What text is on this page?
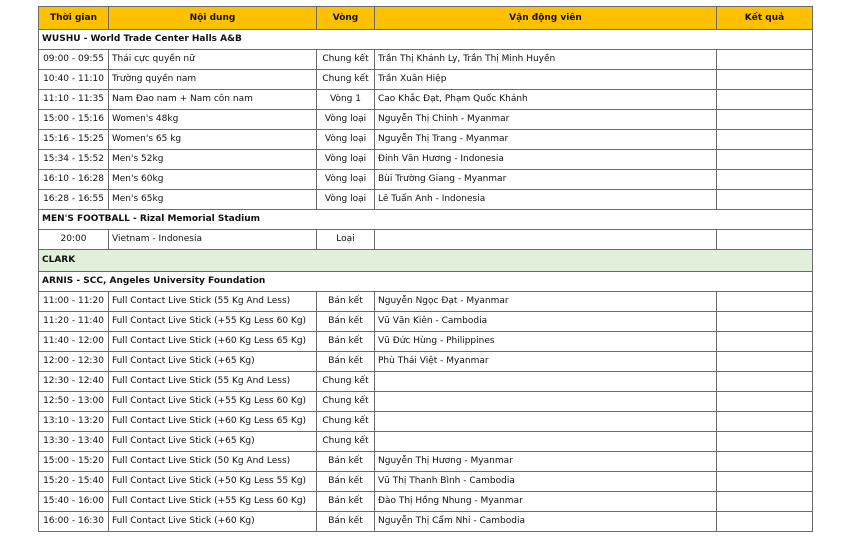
Thời gian	Nội dung	Vòng	Vận động viên	Kết quả
WUSHU - World Trade Center Halls A&B				
09:00 - 09:55	Thái cực quyền nữ	Chung kết	Trần Thị Khánh Ly, Trần Thị Minh Huyền	
10:40 - 11:10	Trường quyền nam	Chung kết	Trần Xuân Hiệp	
11:10 - 11:35	Nam Đao nam + Nam côn nam	Vòng 1	Cao Khắc Đạt, Phạm Quốc Khánh	
15:00 - 15:16	Women's 48kg	Vòng loại	Nguyễn Thị Chinh - Myanmar	
15:16 - 15:25	Women's 65 kg	Vòng loại	Nguyễn Thị Trang - Myanmar	
15:34 - 15:52	Men's 52kg	Vòng loại	Đinh Văn Hương - Indonesia	
16:10 - 16:28	Men's 60kg	Vòng loại	Bùi Trường Giang - Myanmar	
16:28 - 16:55	Men's 65kg	Vòng loại	Lê Tuấn Anh - Indonesia	
MEN'S FOOTBALL - Rizal Memorial Stadium				
20:00	Vietnam - Indonesia	Loại		
CLARK				
ARNIS - SCC, Angeles University Foundation				
11:00 - 11:20	Full Contact Live Stick (55 Kg And Less)	Bán kết	Nguyễn Ngọc Đạt - Myanmar	
11:20 - 11:40	Full Contact Live Stick (+55 Kg Less 60 Kg)	Bán kết	Vũ Văn Kiên - Cambodia	
11:40 - 12:00	Full Contact Live Stick (+60 Kg Less 65 Kg)	Bán kết	Vũ Đức Hùng - Philippines	
12:00 - 12:30	Full Contact Live Stick (+65 Kg)	Bán kết	Phù Thái Việt - Myanmar	
12:30 - 12:40	Full Contact Live Stick (55 Kg And Less)	Chung kết		
12:50 - 13:00	Full Contact Live Stick (+55 Kg Less 60 Kg)	Chung kết		
13:10 - 13:20	Full Contact Live Stick (+60 Kg Less 65 Kg)	Chung kết		
13:30 - 13:40	Full Contact Live Stick (+65 Kg)	Chung kết		
15:00 - 15:20	Full Contact Live Stick (50 Kg And Less)	Bán kết	Nguyễn Thị Hương - Myanmar	
15:20 - 15:40	Full Contact Live Stick (+50 Kg Less 55 Kg)	Bán kết	Vũ Thị Thanh Bình - Cambodia	
15:40 - 16:00	Full Contact Live Stick (+55 Kg Less 60 Kg)	Bán kết	Đào Thị Hồng Nhung - Myanmar	
16:00 - 16:30	Full Contact Live Stick (+60 Kg)	Bán kết	Nguyễn Thị Cẩm Nhi - Cambodia	
